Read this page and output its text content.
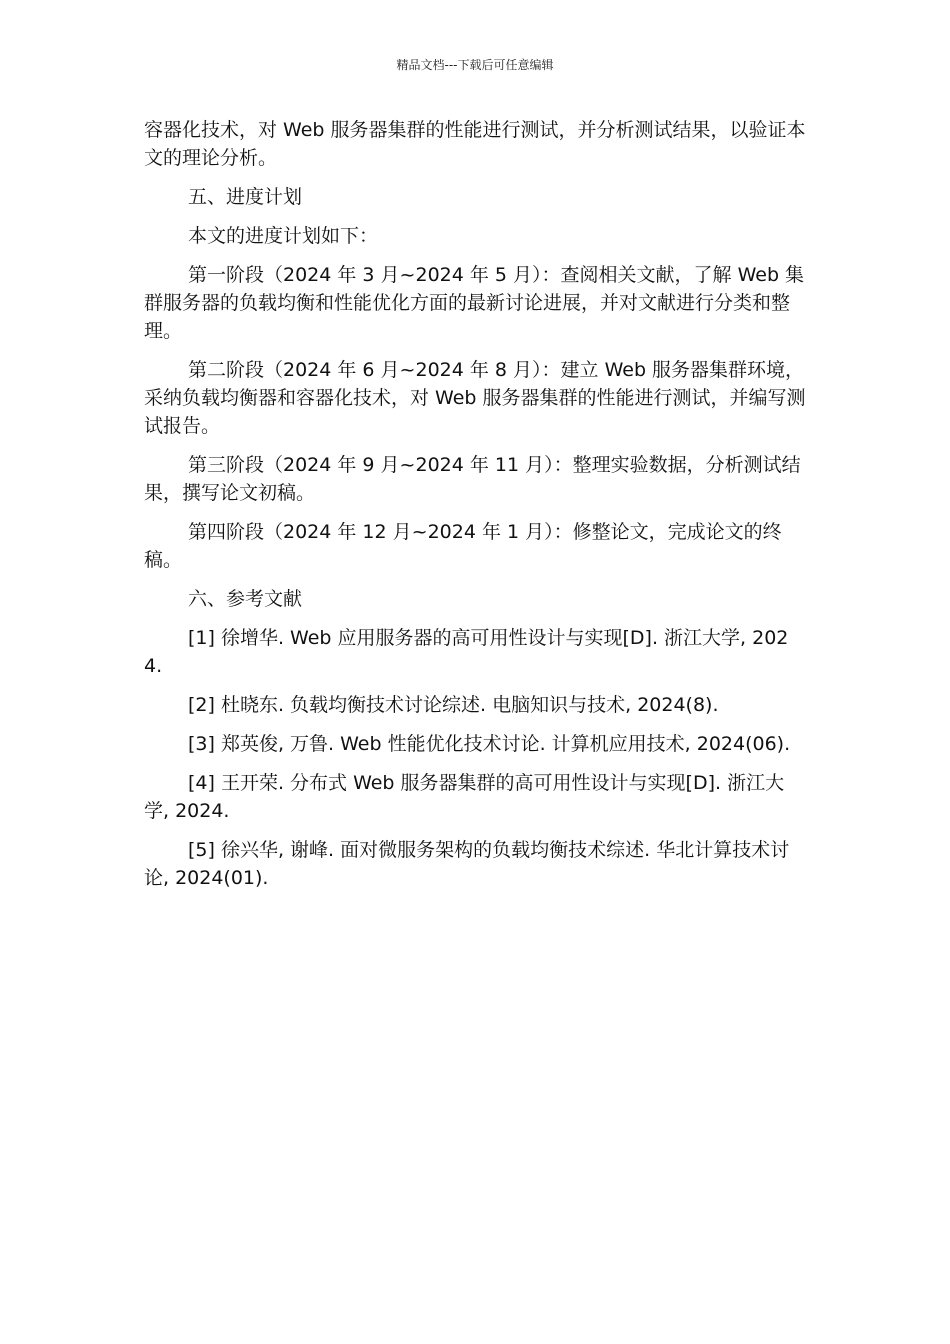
精品文档---下载后可任意编辑

容器化技术，对 Web 服务器集群的性能进行测试，并分析测试结果，以验证本文的理论分析。

五、进度计划

本文的进度计划如下：

第一阶段（2024 年 3 月~2024 年 5 月）：查阅相关文献，了解 Web 集群服务器的负载均衡和性能优化方面的最新讨论进展，并对文献进行分类和整理。

第二阶段（2024 年 6 月~2024 年 8 月）：建立 Web 服务器集群环境，采纳负载均衡器和容器化技术，对 Web 服务器集群的性能进行测试，并编写测试报告。

第三阶段（2024 年 9 月~2024 年 11 月）：整理实验数据，分析测试结果，撰写论文初稿。

第四阶段（2024 年 12 月~2024 年 1 月）：修整论文，完成论文的终稿。

六、参考文献

[1] 徐增华. Web 应用服务器的高可用性设计与实现[D]. 浙江大学, 2024.

[2] 杜晓东. 负载均衡技术讨论综述. 电脑知识与技术, 2024(8).

[3] 郑英俊, 万鲁. Web 性能优化技术讨论. 计算机应用技术, 2024(06).

[4] 王开荣. 分布式 Web 服务器集群的高可用性设计与实现[D]. 浙江大学, 2024.

[5] 徐兴华, 谢峰. 面对微服务架构的负载均衡技术综述. 华北计算技术讨论, 2024(01).
